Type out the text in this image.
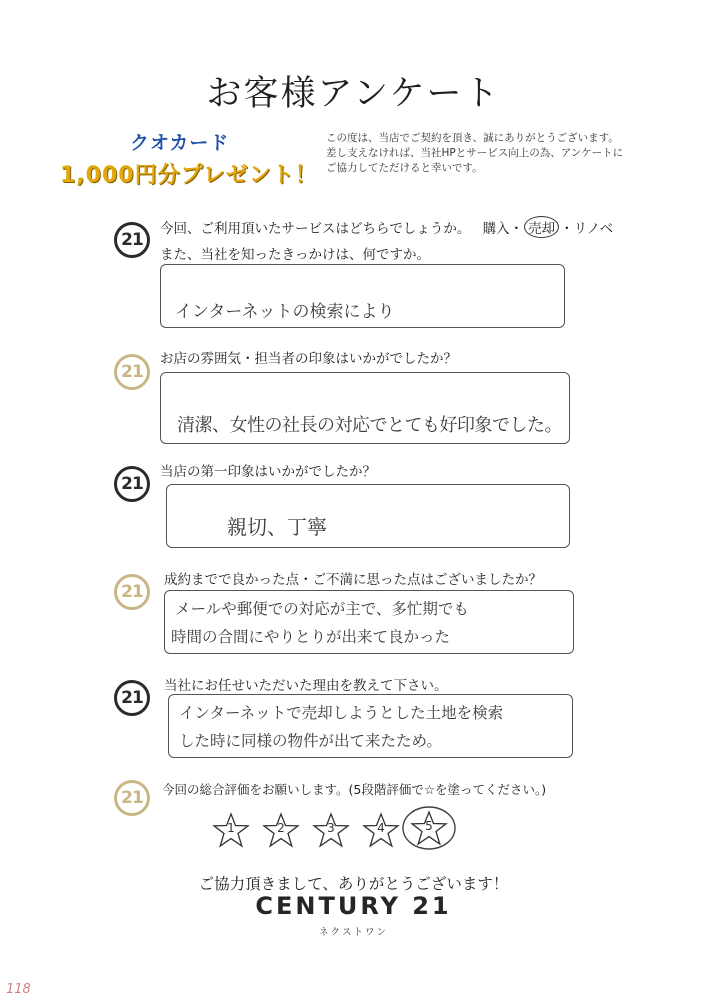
お客様アンケート
クオカード
1,000円分プレゼント！
この度は、当店でご契約を頂き、誠にありがとうございます。
差し支えなければ、当社HPとサービス向上の為、アンケートに
ご協力してただけると幸いです。
21
今回、ご利用頂いたサービスはどちらでしょうか。 購入・ 売却 ・リノベ
また、当社を知ったきっかけは、何ですか。
インターネットの検索により
21
お店の雰囲気・担当者の印象はいかがでしたか？
清潔、女性の社長の対応でとても好印象でした。
21
当店の第一印象はいかがでしたか？
親切、丁寧
21
成約までで良かった点・ご不満に思った点はございましたか？
メールや郵便での対応が主で、多忙期でも
時間の合間にやりとりが出来て良かった
21
当社にお任せいただいた理由を教えて下さい。
インターネットで売却しようとした土地を検索
した時に同様の物件が出て来たため。
21	今回の総合評価をお願いします。(5段階評価で☆を塗ってください。)
1	2	3	4	5
ご協力頂きまして、ありがとうございます！
CENTURY 21
ネクストワン
118
